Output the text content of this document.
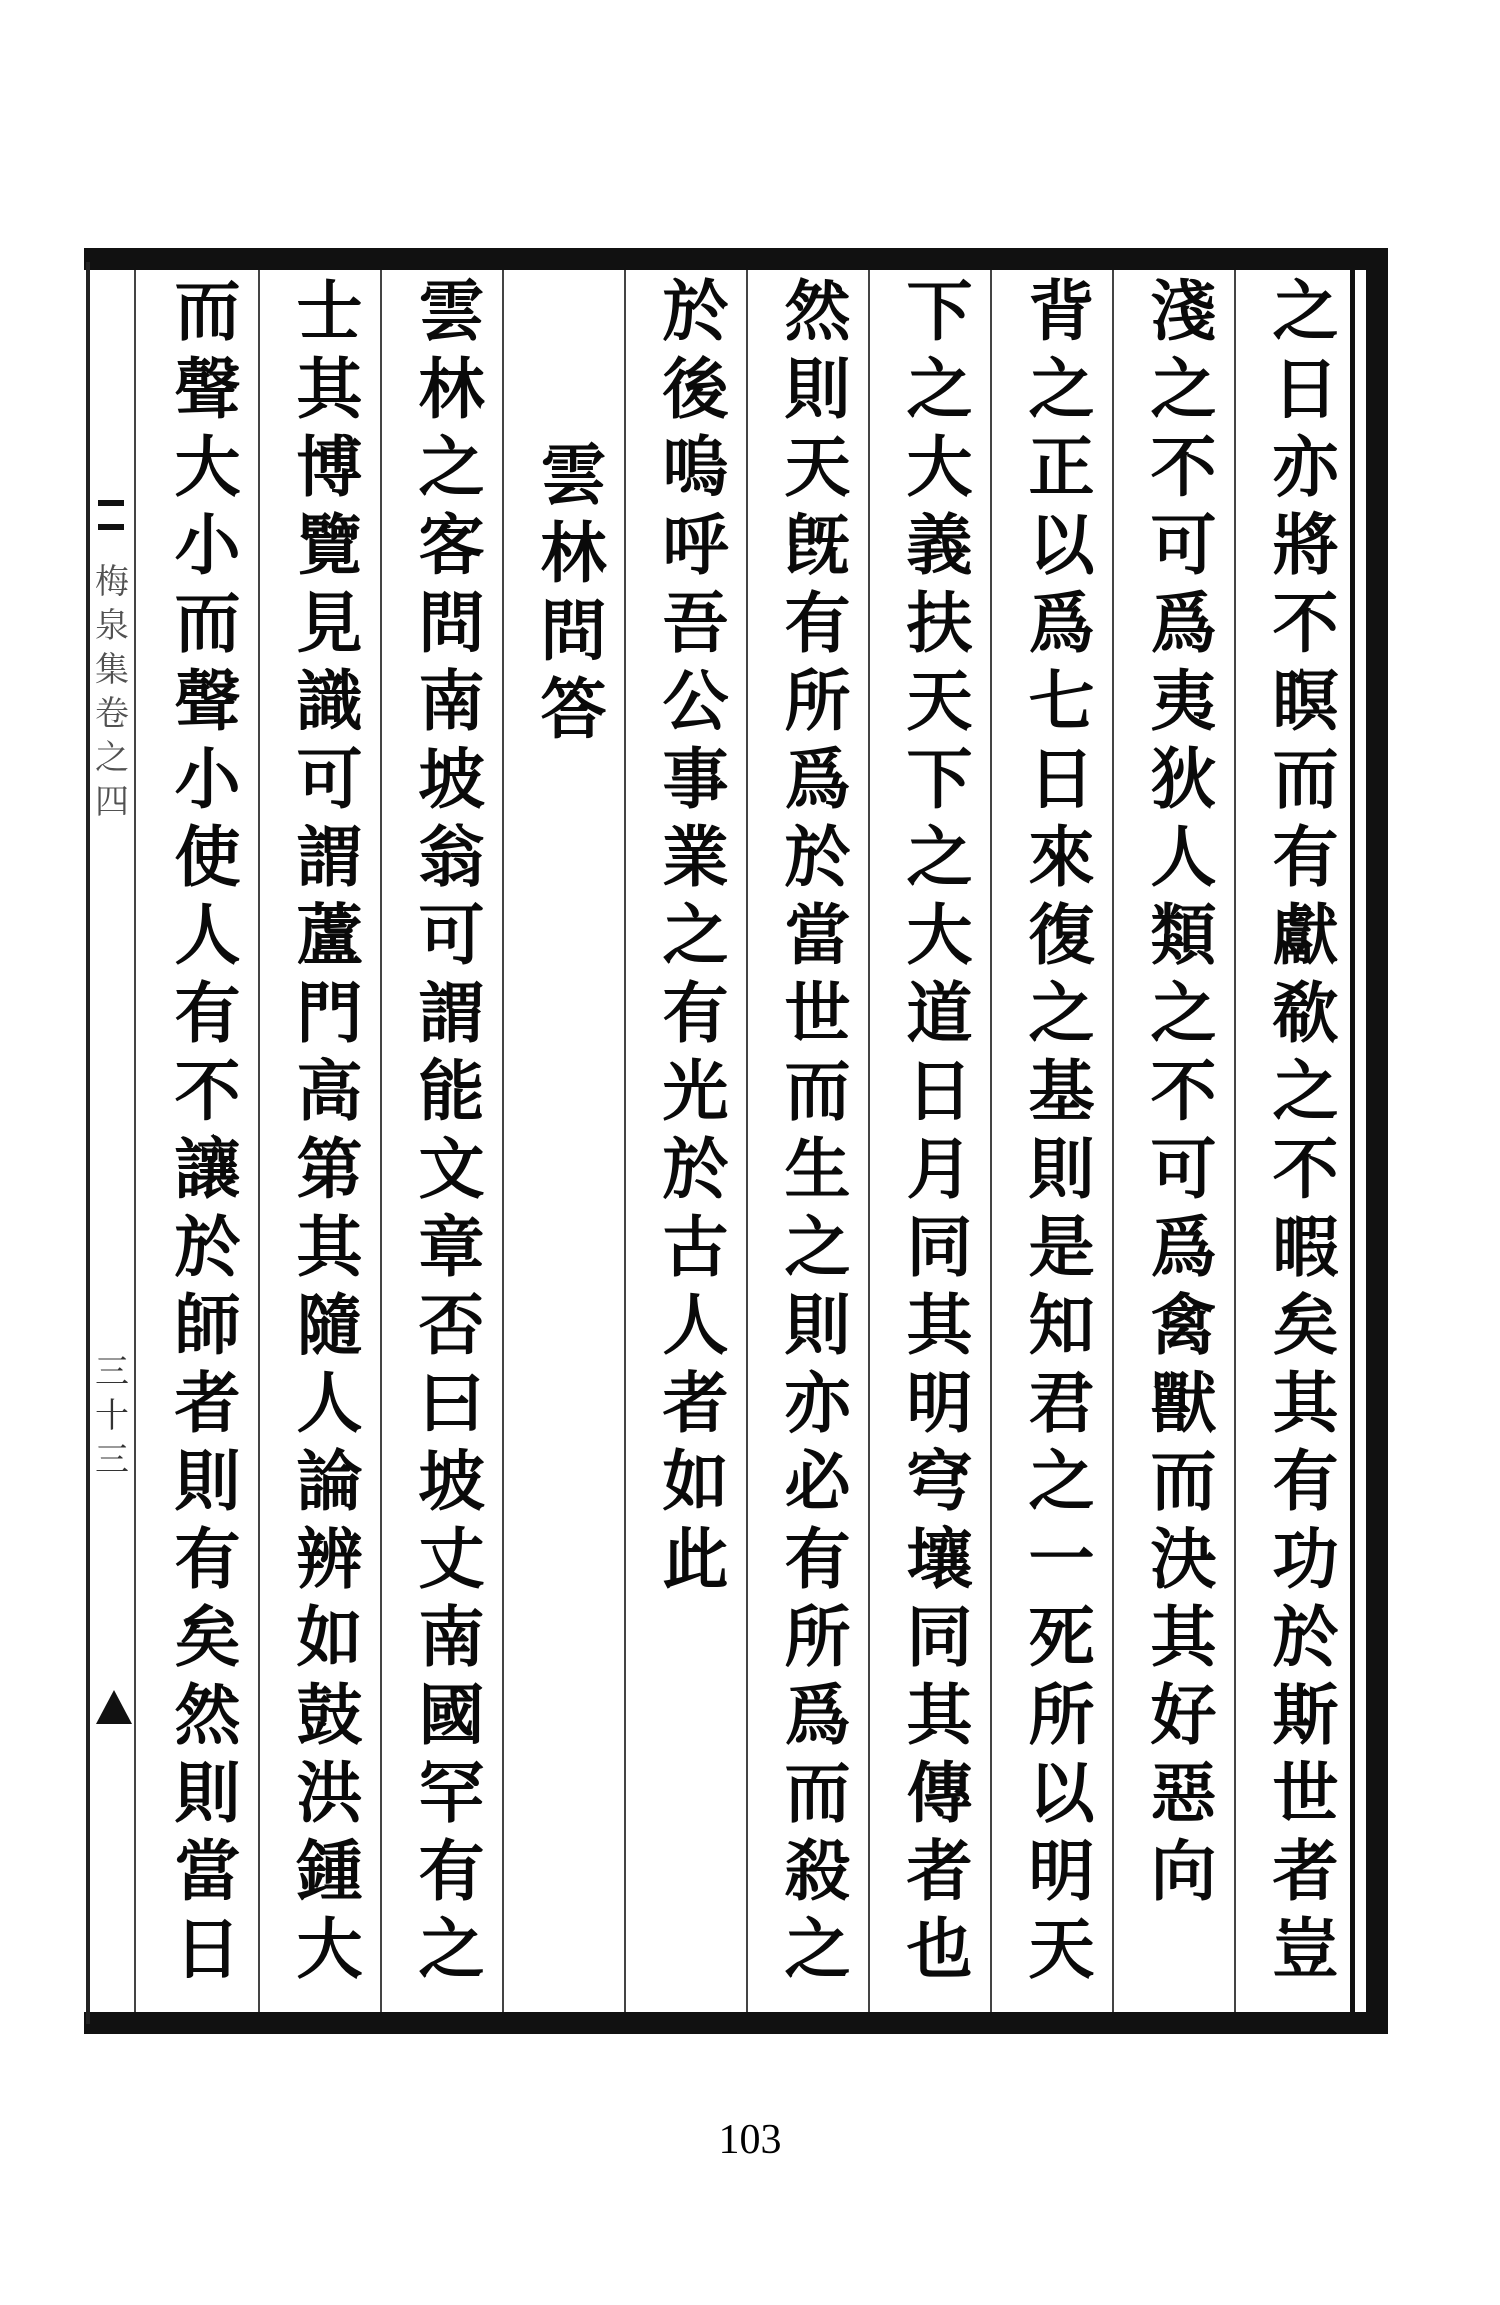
梅泉集卷之四
三十三	之日亦將不瞑而有獻欷之不暇矣其有功於斯世者豈
淺之不可爲夷狄人類之不可爲禽獸而決其好惡向
背之正以爲七日來復之基則是知君之一死所以明天
下之大義扶天下之大道日月同其明穹壤同其傳者也
然則天旣有所爲於當世而生之則亦必有所爲而殺之
於後嗚呼吾公事業之有光於古人者如此
雲林問答
雲林之客問南坡翁可謂能文章否曰坡丈南國罕有之
士其博覽見識可謂蘆門高第其隨人論辨如鼓洪鍾大
而聲大小而聲小使人有不讓於師者則有矣然則當日
103
